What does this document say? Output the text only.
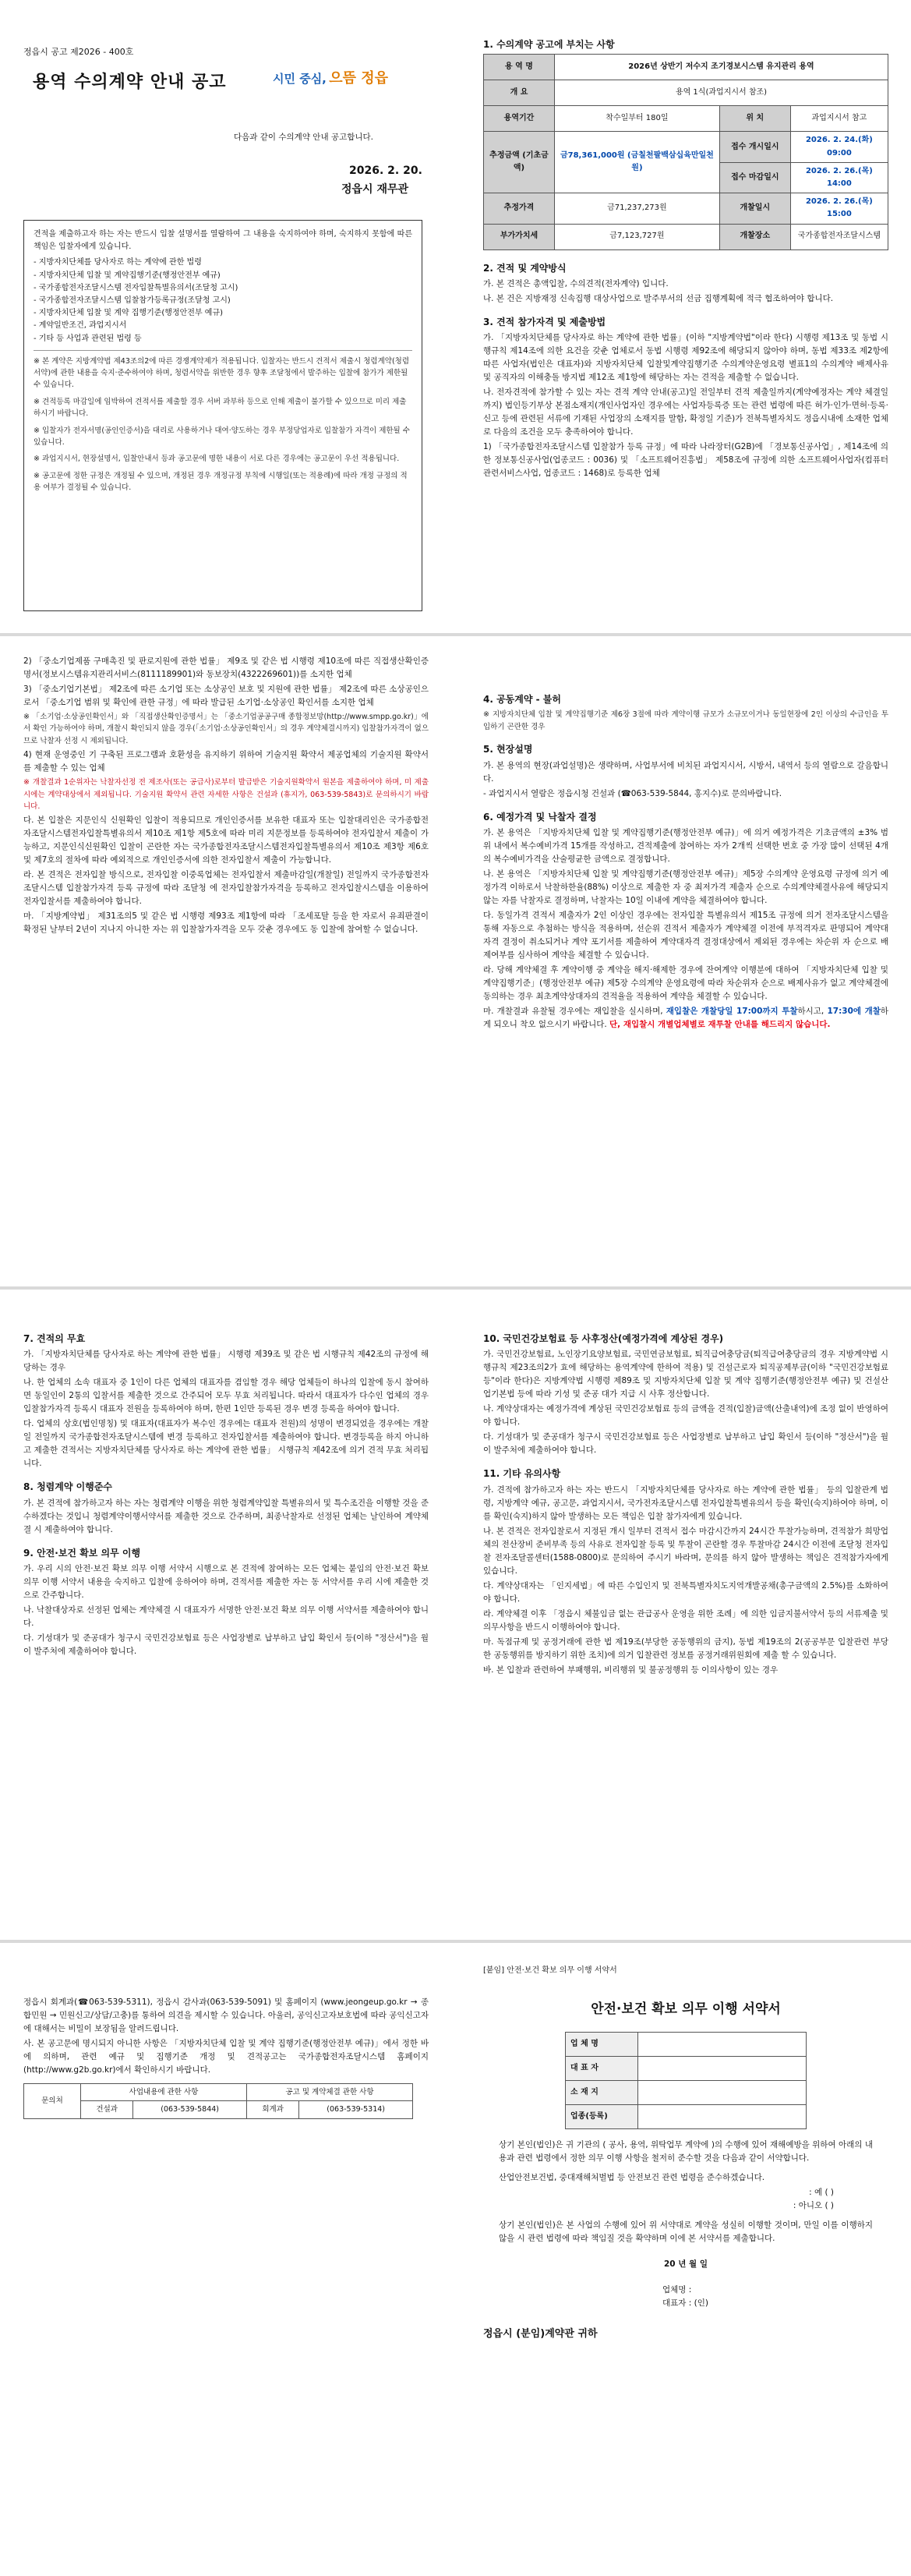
정읍시 공고 제2026 - 400호
용역 수의계약 안내 공고	시민 중심, 으뜸 정읍
다음과 같이 수의계약 안내 공고합니다.
2026. 2. 20.
정읍시 재무관
견적을 제출하고자 하는 자는 반드시 입찰 설명서를 열람하여 그 내용을 숙지하여야 하며, 숙지하지 못함에 따른 책임은 입찰자에게 있습니다.
- 지방자치단체를 당사자로 하는 계약에 관한 법령
- 지방자치단체 입찰 및 계약집행기준(행정안전부 예규)
- 국가종합전자조달시스템 전자입찰특별유의서(조달청 고시)
- 국가종합전자조달시스템 입찰참가등록규정(조달청 고시)
- 지방자치단체 입찰 및 계약 집행기준(행정안전부 예규)
- 계약일반조건, 과업지시서
- 기타 등 사업과 관련된 법령 등
※ 본 계약은 지방계약법 제43조의2에 따른 경쟁계약제가 적용됩니다. 입찰자는 반드시 견적서 제출시 청렴계약(청렴서약)에 관한 내용을 숙지·준수하여야 하며, 청렴서약을 위반한 경우 향후 조달청에서 발주하는 입찰에 참가가 제한될 수 있습니다.
※ 견적등록 마감일에 임박하여 견적서를 제출할 경우 서버 과부하 등으로 인해 제출이 불가할 수 있으므로 미리 제출하시기 바랍니다.
※ 입찰자가 전자서명(공인인증서)을 대리로 사용하거나 대여·양도하는 경우 부정당업자로 입찰참가 자격이 제한될 수 있습니다.
※ 과업지시서, 현장설명서, 입찰안내서 등과 공고문에 명한 내용이 서로 다른 경우에는 공고문이 우선 적용됩니다.
※ 공고문에 정한 규정은 개정될 수 있으며, 개정된 경우 개정규정 부칙에 시행일(또는 적용례)에 따라 개정 규정의 적용 여부가 결정될 수 있습니다.
1. 수의계약 공고에 부치는 사항
용 역 명	2026년 상반기 저수지 조기경보시스템 유지관리 용역		
개 요	용역 1식(과업지시서 참조)		
용역기간	착수일부터 180일	위 치	과업지시서 참고
추정금액 (기초금액)	금78,361,000원 (금칠천팔백삼십육만일천원)	접수 개시일시	2026. 2. 24.(화) 09:00
		접수 마감일시	2026. 2. 26.(목) 14:00
추정가격	금71,237,273원	개찰일시	2026. 2. 26.(목) 15:00
부가가치세	금7,123,727원	개찰장소	국가종합전자조달시스템
2. 견적 및 계약방식
가. 본 견적은 총액입찰, 수의견적(전자계약) 입니다.
나. 본 건은 지방재정 신속집행 대상사업으로 발주부서의 선금 집행계획에 적극 협조하여야 합니다.
3. 견적 참가자격 및 제출방법
가. 「지방자치단체를 당사자로 하는 계약에 관한 법률」(이하 "지방계약법"이라 한다) 시행령 제13조 및 동법 시행규칙 제14조에 의한 요건을 갖춘 업체로서 동법 시행령 제92조에 해당되지 않아야 하며, 동법 제33조 제2항에 따른 사업자(법인은 대표자)와 지방자치단체 입찰및계약집행기준 수의계약운영요령 별표1의 수의계약 배제사유 및 공직자의 이해충돌 방지법 제12조 제1항에 해당하는 자는 견적을 제출할 수 없습니다.
나. 전자견적에 참가할 수 있는 자는 견적 계약 안내(공고)일 전일부터 견적 제출일까지(계약예정자는 계약 체결일까지) 법인등기부상 본점소재지(개인사업자인 경우에는 사업자등록증 또는 관련 법령에 따른 허가·인가·면허·등록·신고 등에 관련된 서류에 기재된 사업장의 소재지를 말함, 확정일 기준)가 전북특별자치도 정읍시내에 소재한 업체로 다음의 조건을 모두 충족하여야 합니다.
1) 「국가종합전자조달시스템 입찰참가 등록 규정」에 따라 나라장터(G2B)에 「경보통신공사업」, 제14조에 의한 정보통신공사업(업종코드 : 0036) 및 「소프트웨어진흥법」 제58조에 규정에 의한 소프트웨어사업자(컴퓨터관련서비스사업, 업종코드 : 1468)로 등록한 업체
2) 「중소기업제품 구매촉진 및 판로지원에 관한 법률」 제9조 및 같은 법 시행령 제10조에 따른 직접생산확인증명서(정보시스템유지관리서비스(8111189901)와 동보장치(4322269601))를 소지한 업체
3) 「중소기업기본법」 제2조에 따른 소기업 또는 소상공인 보호 및 지원에 관한 법률」 제2조에 따른 소상공인으로서 「중소기업 범위 및 확인에 관한 규정」에 따라 발급된 소기업·소상공인 확인서를 소지한 업체
※ 「소기업·소상공인확인서」와 「직접생산확인증명서」는 「중소기업공공구매 종합정보망(http://www.smpp.go.kr)」에서 확인 가능하여야 하며, 개찰시 확인되지 않을 경우(「소기업·소상공인확인서」의 경우 계약체결시까지) 입찰참가자격이 없으므로 낙찰자 선정 시 제외됩니다.
4) 현재 운영중인 기 구축된 프로그램과 호환성을 유지하기 위하여 기술지원 확약서 제공업체의 기술지원 확약서를 제출할 수 있는 업체
※ 개찰결과 1순위자는 낙찰자선정 전 제조사(또는 공급사)로부터 발급받은 기술지원확약서 원본을 제출하여야 하며, 미 제출시에는 계약대상에서 제외됩니다. 기술지원 확약서 관련 자세한 사항은 건설과 (휴지가, 063-539-5843)로 문의하시기 바랍니다.
다. 본 입찰은 지문인식 신원확인 입찰이 적용되므로 개인인증서를 보유한 대표자 또는 입찰대리인은 국가종합전자조달시스템전자입찰특별유의서 제10조 제1항 제5호에 따라 미리 지문정보를 등록하여야 전자입찰서 제출이 가능하고, 지문인식신원확인 입찰이 곤란한 자는 국가종합전자조달시스템전자입찰특별유의서 제10조 제3항 제6호 및 제7호의 절차에 따라 예외적으로 개인인증서에 의한 전자입찰서 제출이 가능합니다.
라. 본 견적은 전자입찰 방식으로, 전자입찰 이중록업체는 전자입찰서 제출마감일(개찰일) 전일까지 국가종합전자조달시스템 입찰참가자격 등록 규정에 따라 조달청 에 전자입찰참가자격을 등록하고 전자입찰시스템을 이용하여 전자입찰서를 제출하여야 합니다.
마. 「지방계약법」 제31조의5 및 같은 법 시행령 제93조 제1항에 따라 「조세포탈 등을 한 자로서 유죄판결이 확정된 날부터 2년이 지나지 아니한 자는 위 입찰참가자격을 모두 갖춘 경우에도 동 입찰에 참여할 수 없습니다.
4. 공동계약 - 불허
※ 지방자치단체 입찰 및 계약집행기준 제6장 3절에 따라 계약이행 규모가 소규모이거나 동일현장에 2인 이상의 수급인을 투입하기 곤란한 경우
5. 현장설명
가. 본 용역의 현장(과업설명)은 생략하며, 사업부서에 비치된 과업지시서, 시방서, 내역서 등의 열람으로 갈음합니다.
- 과업지시서 열람은 정읍시청 건설과 (☎063-539-5844, 홍지수)로 문의바랍니다.
6. 예정가격 및 낙찰자 결정
가. 본 용역은 「지방자치단체 입찰 및 계약집행기준(행정안전부 예규)」에 의거 예정가격은 기초금액의 ±3% 범위 내에서 복수예비가격 15개를 작성하고, 견적제출에 참여하는 자가 2개씩 선택한 번호 중 가장 많이 선택된 4개의 복수예비가격을 산술평균한 금액으로 결정합니다.
나. 본 용역은 「지방자치단체 입찰 및 계약집행기준(행정안전부 예규)」제5장 수의계약 운영요령 규정에 의거 예정가격 이하로서 낙찰하한율(88%) 이상으로 제출한 자 중 최저가격 제출자 순으로 수의계약체결사유에 해당되지 않는 자를 낙찰자로 결정하며, 낙찰자는 10일 이내에 계약을 체결하여야 합니다.
다. 동일가격 견적서 제출자가 2인 이상인 경우에는 전자입찰 특별유의서 제15조 규정에 의거 전자조달시스템을 통해 자동으로 추첨하는 방식을 적용하며, 선순위 견적서 제출자가 계약체결 이전에 부적격자로 판명되어 계약대자격 결정이 취소되거나 계약 포기서를 제출하여 계약대자격 결정대상에서 제외된 경우에는 차순위 자 순으로 배제여부를 심사하여 계약을 체결할 수 있습니다.
라. 당해 계약체결 후 계약이행 중 계약을 해지·해제한 경우에 잔여계약 이행분에 대하여 「지방자치단체 입찰 및 계약집행기준」(행정안전부 예규) 제5장 수의계약 운영요령에 따라 차순위자 순으로 배제사유가 없고 계약체결에 동의하는 경우 최초계약상대자의 견적율을 적용하여 계약을 체결할 수 있습니다.
마. 개찰결과 유찰될 경우에는 재입찰을 실시하며, 재입찰은 개찰당일 17:00까지 투찰하시고, 17:30에 개찰하게 되오니 착오 없으시기 바랍니다. 단, 재입찰시 개별업체별로 재투찰 안내를 해드리지 않습니다.
7. 견적의 무효
가. 「지방자치단체를 당사자로 하는 계약에 관한 법률」 시행령 제39조 및 같은 법 시행규칙 제42조의 규정에 해당하는 경우
나. 한 업체의 소속 대표자 중 1인이 다른 업체의 대표자를 겸임할 경우 해당 업체들이 하나의 입찰에 동시 참여하면 동일인이 2통의 입찰서를 제출한 것으로 간주되어 모두 무효 처리됩니다. 따라서 대표자가 다수인 업체의 경우 입찰참가자격 등록시 대표자 전원을 등록하여야 하며, 한편 1인만 등록된 경우 변경 등록을 하여야 합니다.
다. 업체의 상호(법인명칭) 및 대표자(대표자가 복수인 경우에는 대표자 전원)의 성명이 변경되었을 경우에는 개찰일 전일까지 국가종합전자조달시스템에 변경 등록하고 전자입찰서를 제출하여야 합니다. 변경등록을 하지 아니하고 제출한 견적서는 지방자치단체를 당사자로 하는 계약에 관한 법률」 시행규칙 제42조에 의거 견적 무효 처리됩니다.
8. 청렴계약 이행준수
가. 본 견적에 참가하고자 하는 자는 청렴계약 이행을 위한 청렴계약입찰 특별유의서 및 특수조건을 이행할 것을 준수하겠다는 것입니 청렴계약이행서약서를 제출한 것으로 간주하며, 최종낙찰자로 선정된 업체는 날인하여 계약체결 시 제출하여야 합니다.
9. 안전·보건 확보 의무 이행
가. 우리 시의 안전·보건 확보 의무 이행 서약서 시행으로 본 견적에 참여하는 모든 업체는 붙임의 안전·보건 확보 의무 이행 서약서 내용을 숙지하고 입찰에 응하여야 하며, 견적서를 제출한 자는 동 서약서를 우리 시에 제출한 것으로 간주합니다.
나. 낙찰대상자로 선정된 업체는 계약체결 시 대표자가 서명한 안전·보건 확보 의무 이행 서약서를 제출하여야 합니다.
다. 기성대가 및 준공대가 청구시 국민건강보험료 등은 사업장별로 납부하고 납입 확인서 등(이하 "정산서")을 월이 발주처에 제출하여야 합니다.
10. 국민건강보험료 등 사후정산(예정가격에 계상된 경우)
가. 국민건강보험료, 노인장기요양보험료, 국민연금보험료, 퇴직급여충당금(퇴직급여충당금의 경우 지방계약법 시행규칙 제23조의2가 효에 해당하는 용역계약에 한하여 적용) 및 건설근로자 퇴직공제부금(이하 "국민건강보험료 등"이라 한다)은 지방계약법 시행령 제89조 및 지방자치단체 입찰 및 계약 집행기준(행정안전부 예규) 및 건설산업기본법 등에 따라 기성 및 준공 대가 지급 시 사후 정산합니다.
나. 계약상대자는 예정가격에 계상된 국민건강보험료 등의 금액을 견적(입찰)금액(산출내역)에 조정 없이 반영하여야 합니다.
다. 기성대가 및 준공대가 청구시 국민건강보험료 등은 사업장별로 납부하고 납입 확인서 등(이하 "정산서")을 월이 발주처에 제출하여야 합니다.
11. 기타 유의사항
가. 견적에 참가하고자 하는 자는 반드시 「지방자치단체를 당사자로 하는 계약에 관한 법률」 등의 입찰관계 법령, 지방계약 예규, 공고문, 과업지시서, 국가전자조달시스템 전자입찰특별유의서 등을 확인(숙지)하여야 하며, 이를 확인(숙지)하지 않아 발생하는 모든 책임은 입찰 참가자에게 있습니다.
나. 본 견적은 전자입찰로서 지정된 개시 일부터 견적서 접수 마감시간까지 24시간 투찰가능하며, 견적참가 희망업체의 전산장비 준비부족 등의 사유로 전자입찰 등록 및 투찰이 곤란할 경우 투찰마감 24시간 이전에 조달청 전자입찰 전자조달콜센터(1588-0800)로 문의하여 주시기 바라며, 문의를 하지 않아 발생하는 책임은 견적참가자에게 있습니다.
다. 계약상대자는 「인지세법」에 따른 수입인지 및 전북특별자치도지역개발공채(총구금액의 2.5%)를 소화하여야 합니다.
라. 계약체결 이후 「정읍시 체불임금 없는 관급공사 운영을 위한 조례」에 의한 임금지불서약서 등의 서류제출 및 의무사항을 반드시 이행하여야 합니다.
마. 독점규제 및 공정거래에 관한 법 제19조(부당한 공동행위의 금지), 동법 제19조의 2(공공부문 입찰관련 부당한 공동행위를 방지하기 위한 조치)에 의거 입찰관련 정보를 공정거래위원회에 제출 할 수 있습니다.
바. 본 입찰과 관련하여 부패행위, 비리행위 및 불공정행위 등 이의사항이 있는 경우
정읍시 회계과(☎063-539-5311), 정읍시 감사과(063-539-5091) 및 홈페이지 (www.jeongeup.go.kr → 종합민원 → 민원신고/상담/고충)를 통하여 의견을 제시할 수 있습니다. 아울러, 공익신고자보호법에 따라 공익신고자에 대해서는 비밀이 보장됨을 알려드립니다.
사. 본 공고문에 명시되지 아니한 사항은 「지방자치단체 입찰 및 계약 집행기준(행정안전부 예규)」에서 정한 바에 의하며, 관련 예규 및 집행기준 개정 및 견적공고는 국가종합전자조달시스템 홈페이지(http://www.g2b.go.kr)에서 확인하시기 바랍니다.
문의처	사업내용에 관한 사항		공고 및 계약체결 관한 사항	
	건설과	(063-539-5844)	회계과	(063-539-5314)
[붙임] 안전·보건 확보 의무 이행 서약서
안전·보건 확보 의무 이행 서약서
업 체 명	
대 표 자	
소 재 지	
업종(등록)	
상기 본인(법인)은 귀 기관의 ( 공사, 용역, 위탁업무 계약에 )의 수행에 있어 재해예방을 위하여 아래의 내용과 관련 법령에서 정한 의무 이행 사항을 철저히 준수할 것을 다음과 같이 서약합니다.
산업안전보건법, 중대재해처벌법 등 안전보건 관련 법령을 준수하겠습니다.
: 예 ( )
: 아니오 ( )
상기 본인(법인)은 본 사업의 수행에 있어 위 서약대로 계약을 성실히 이행할 것이며, 만일 이를 이행하지 않을 시 관련 법령에 따라 책임질 것을 확약하며 이에 본 서약서를 제출합니다.
20 년 월 일
업체명 :
대표자 : (인)
정읍시 (분임)계약관 귀하
